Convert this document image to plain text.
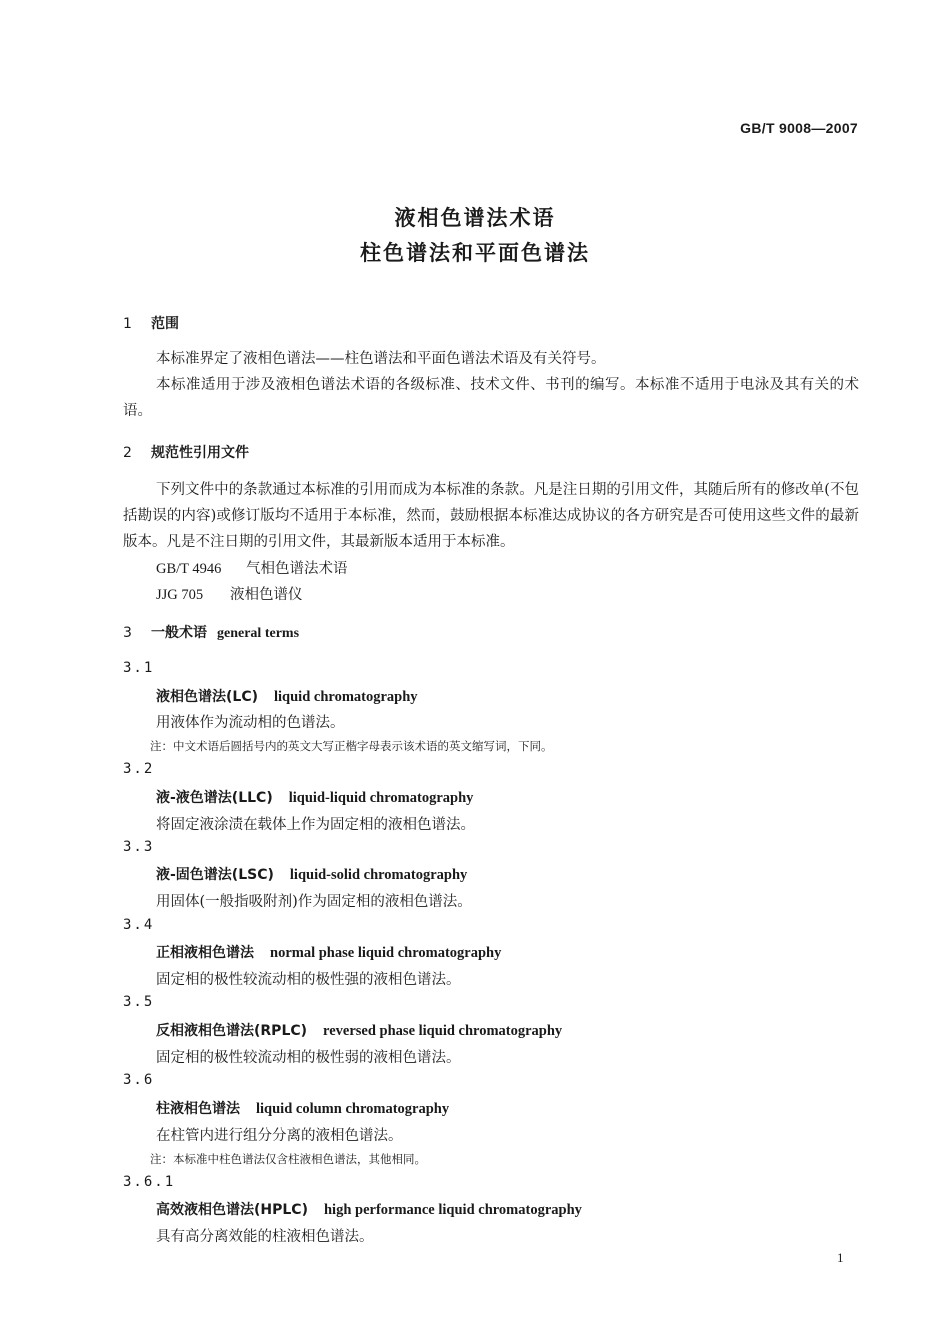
GB/T 9008—2007
液相色谱法术语
柱色谱法和平面色谱法
1 范围

本标准界定了液相色谱法——柱色谱法和平面色谱法术语及有关符号。

本标准适用于涉及液相色谱法术语的各级标准、技术文件、书刊的编写。本标准不适用于电泳及其有关的术语。

2 规范性引用文件

下列文件中的条款通过本标准的引用而成为本标准的条款。凡是注日期的引用文件，其随后所有的修改单(不包括勘误的内容)或修订版均不适用于本标准，然而，鼓励根据本标准达成协议的各方研究是否可使用这些文件的最新版本。凡是不注日期的引用文件，其最新版本适用于本标准。

GB/T 4946 气相色谱法术语
JJG 705 液相色谱仪
3 一般术语 general terms
3.1
液相色谱法(LC) liquid chromatography
用液体作为流动相的色谱法。
注：中文术语后圆括号内的英文大写正楷字母表示该术语的英文缩写词，下同。
3.2
液-液色谱法(LLC) liquid-liquid chromatography
将固定液涂渍在载体上作为固定相的液相色谱法。
3.3
液-固色谱法(LSC) liquid-solid chromatography
用固体(一般指吸附剂)作为固定相的液相色谱法。
3.4
正相液相色谱法 normal phase liquid chromatography
固定相的极性较流动相的极性强的液相色谱法。
3.5
反相液相色谱法(RPLC) reversed phase liquid chromatography
固定相的极性较流动相的极性弱的液相色谱法。
3.6
柱液相色谱法 liquid column chromatography
在柱管内进行组分分离的液相色谱法。
注：本标准中柱色谱法仅含柱液相色谱法，其他相同。
3.6.1
高效液相色谱法(HPLC) high performance liquid chromatography
具有高分离效能的柱液相色谱法。
1
